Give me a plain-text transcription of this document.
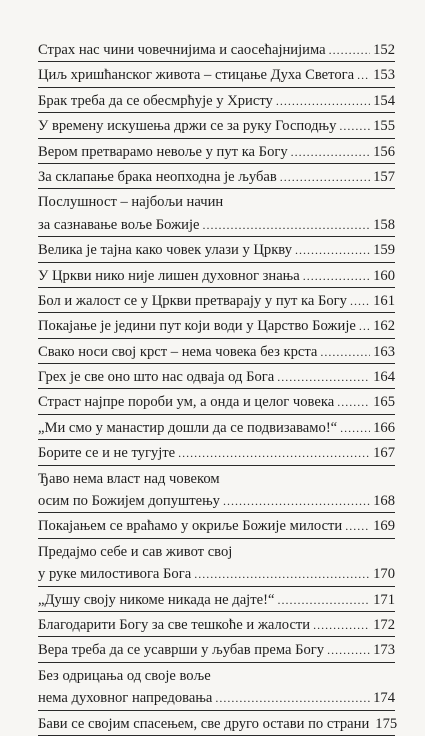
Страх нас чини човечнијима и саосећајнијима .....	152
Циљ хришћанског живота – стицање Духа Светога ..... 153
Брак треба да се обесмрћује у Христу .....	154
У времену искушења држи се за руку Господњу .....	155
Вером претварамо невоље у пут ка Богу .....	156
За склапање брака неопходна је љубав .....	157
Послушност – најбољи начин
за сазнавање воље Божије .....	158
Велика је тајна како човек улази у Цркву .....	159
У Цркви нико није лишен духовног знања .....	160
Бол и жалост се у Цркви претварају у пут ка Богу ..... 161
Покајање је једини пут који води у Царство Божије ..... 162
Свако носи свој крст – нема човека без крста .....	163
Грех је све оно што нас одваја од Бога .....	164
Страст најпре пороби ум, а онда и целог човека .....	165
„Ми смо у манастир дошли да се подвизавамо!“ ..... 166
Борите се и не тугујте .....	167
Ђаво нема власт над човеком
осим по Божијем допуштењу .....	168
Покајањем се враћамо у окриље Божије милости ..... 169
Предајмо себе и сав живот свој
у руке милостивога Бога .....	170
„Душу своју никоме никада не дајте!“ .....	171
Благодарити Богу за све тешкоће и жалости .....	172
Вера треба да се усаврши у љубав према Богу .....	173
Без одрицања од своје воље
нема духовног напредовања .....	174
Бави се својим спасењем, све друго остави по страни 175
